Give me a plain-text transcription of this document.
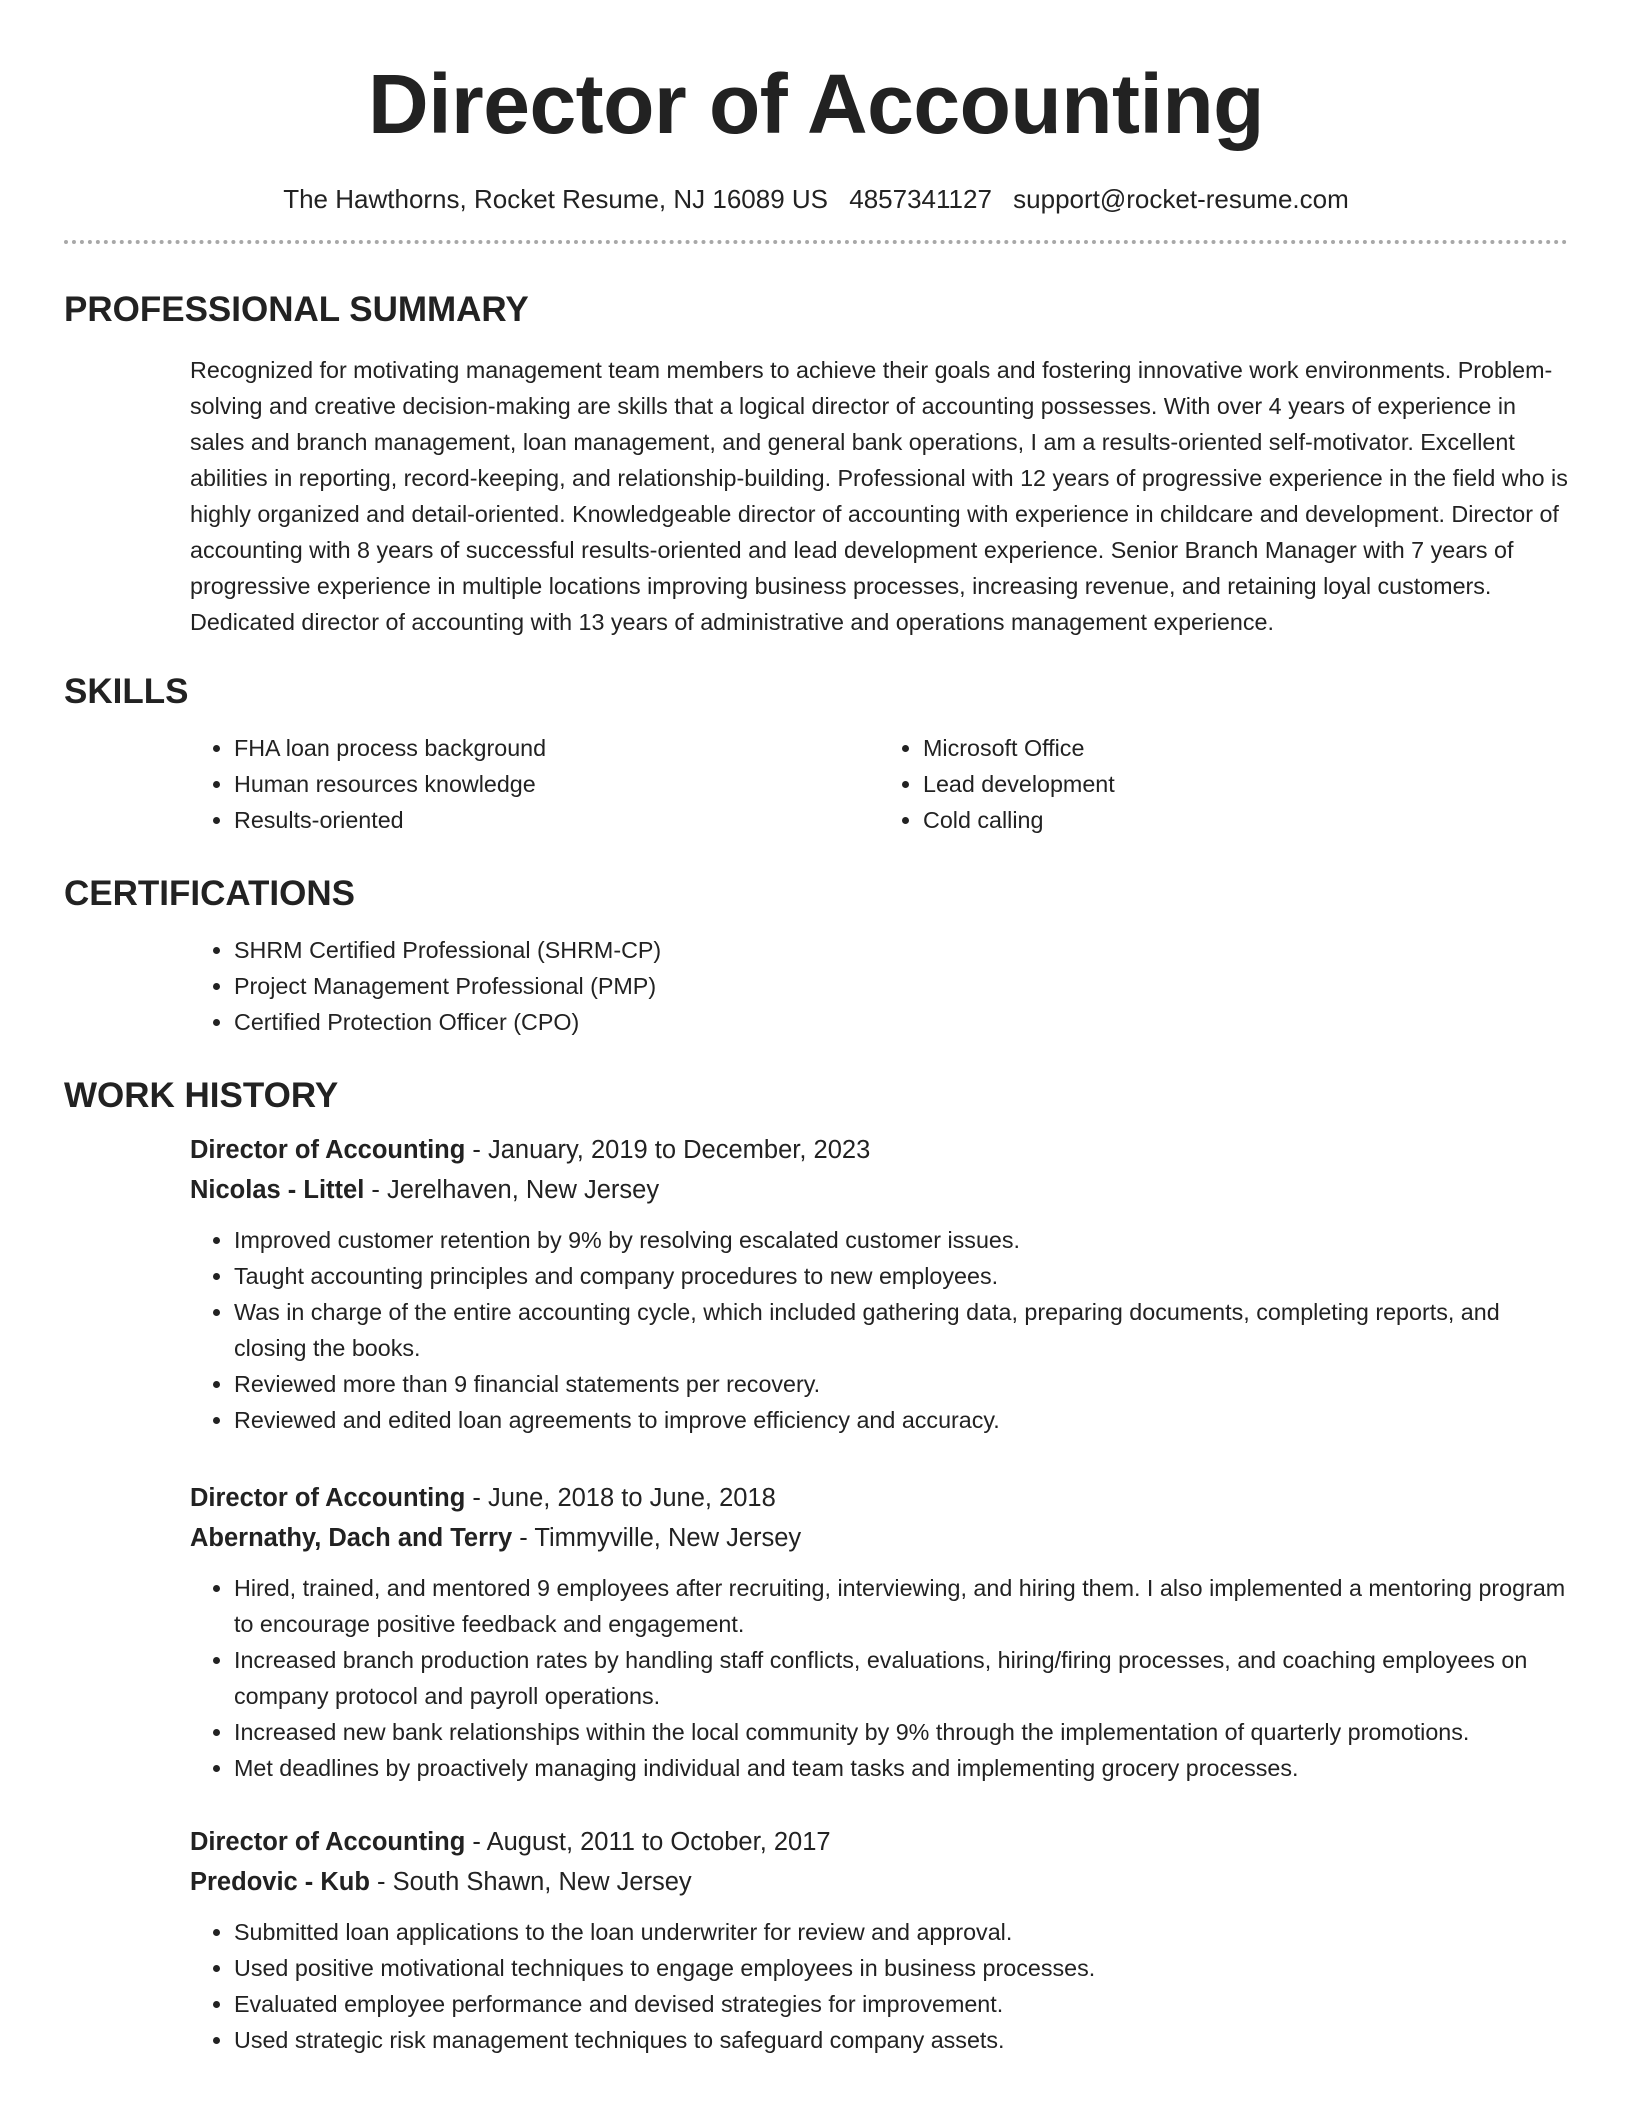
Director of Accounting
The Hawthorns, Rocket Resume, NJ 16089 US 4857341127 support@rocket-resume.com
PROFESSIONAL SUMMARY

Recognized for motivating management team members to achieve their goals and fostering innovative work environments. Problem-solving and creative decision-making are skills that a logical director of accounting possesses. With over 4 years of experience in sales and branch management, loan management, and general bank operations, I am a results-oriented self-motivator. Excellent abilities in reporting, record-keeping, and relationship-building. Professional with 12 years of progressive experience in the field who is highly organized and detail-oriented. Knowledgeable director of accounting with experience in childcare and development. Director of accounting with 8 years of successful results-oriented and lead development experience. Senior Branch Manager with 7 years of progressive experience in multiple locations improving business processes, increasing revenue, and retaining loyal customers. Dedicated director of accounting with 13 years of administrative and operations management experience.

SKILLS
• FHA loan process background
• Human resources knowledge
• Results-oriented
• Microsoft Office
• Lead development
• Cold calling
CERTIFICATIONS
• SHRM Certified Professional (SHRM-CP)
• Project Management Professional (PMP)
• Certified Protection Officer (CPO)
WORK HISTORY
Director of Accounting - January, 2019 to December, 2023
Nicolas - Littel - Jerelhaven, New Jersey
• Improved customer retention by 9% by resolving escalated customer issues.
• Taught accounting principles and company procedures to new employees.
• Was in charge of the entire accounting cycle, which included gathering data, preparing documents, completing reports, and closing the books.
• Reviewed more than 9 financial statements per recovery.
• Reviewed and edited loan agreements to improve efficiency and accuracy.
Director of Accounting - June, 2018 to June, 2018
Abernathy, Dach and Terry - Timmyville, New Jersey
• Hired, trained, and mentored 9 employees after recruiting, interviewing, and hiring them. I also implemented a mentoring program to encourage positive feedback and engagement.
• Increased branch production rates by handling staff conflicts, evaluations, hiring/firing processes, and coaching employees on company protocol and payroll operations.
• Increased new bank relationships within the local community by 9% through the implementation of quarterly promotions.
• Met deadlines by proactively managing individual and team tasks and implementing grocery processes.
Director of Accounting - August, 2011 to October, 2017
Predovic - Kub - South Shawn, New Jersey
• Submitted loan applications to the loan underwriter for review and approval.
• Used positive motivational techniques to engage employees in business processes.
• Evaluated employee performance and devised strategies for improvement.
• Used strategic risk management techniques to safeguard company assets.
